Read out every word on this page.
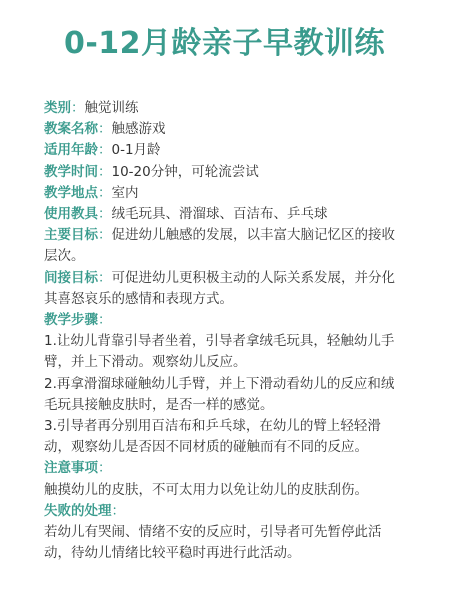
0-12月龄亲子早教训练

类别：触觉训练

教案名称：触感游戏

适用年龄：0-1月龄

教学时间：10-20分钟，可轮流尝试

教学地点：室内

使用教具：绒毛玩具、滑溜球、百洁布、乒乓球

主要目标：促进幼儿触感的发展，以丰富大脑记忆区的接收层次。

间接目标：可促进幼儿更积极主动的人际关系发展，并分化其喜怒哀乐的感情和表现方式。

教学步骤：

1.让幼儿背靠引导者坐着，引导者拿绒毛玩具，轻触幼儿手臂，并上下滑动。观察幼儿反应。

2.再拿滑溜球碰触幼儿手臂，并上下滑动看幼儿的反应和绒毛玩具接触皮肤时，是否一样的感觉。

3.引导者再分别用百洁布和乒乓球，在幼儿的臂上轻轻滑动，观察幼儿是否因不同材质的碰触而有不同的反应。

注意事项：

触摸幼儿的皮肤，不可太用力以免让幼儿的皮肤刮伤。

失败的处理：

若幼儿有哭闹、情绪不安的反应时，引导者可先暂停此活动，待幼儿情绪比较平稳时再进行此活动。
